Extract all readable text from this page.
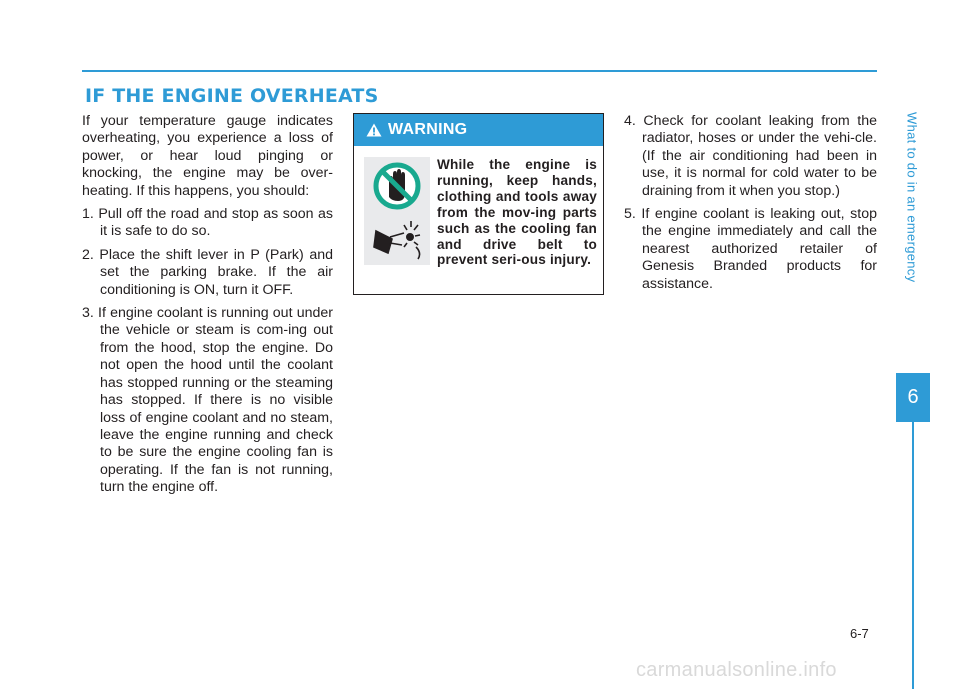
IF THE ENGINE OVERHEATS

If your temperature gauge indicates overheating, you experience a loss of power, or hear loud pinging or knocking, the engine may be over-heating. If this happens, you should:

1. Pull off the road and stop as soon as it is safe to do so.
2. Place the shift lever in P (Park) and set the parking brake. If the air conditioning is ON, turn it OFF.
3. If engine coolant is running out under the vehicle or steam is com-ing out from the hood, stop the engine. Do not open the hood until the coolant has stopped running or the steaming has stopped. If there is no visible loss of engine coolant and no steam, leave the engine running and check to be sure the engine cooling fan is operating. If the fan is not running, turn the engine off.
WARNING
While the engine is running, keep hands, clothing and tools away from the mov-ing parts such as the cooling fan and drive belt to prevent seri-ous injury.
4. Check for coolant leaking from the radiator, hoses or under the vehi-cle. (If the air conditioning had been in use, it is normal for cold water to be draining from it when you stop.)
5. If engine coolant is leaking out, stop the engine immediately and call the nearest authorized retailer of Genesis Branded products for assistance.
What to do in an emergency
6
6-7
carmanualsonline.info
